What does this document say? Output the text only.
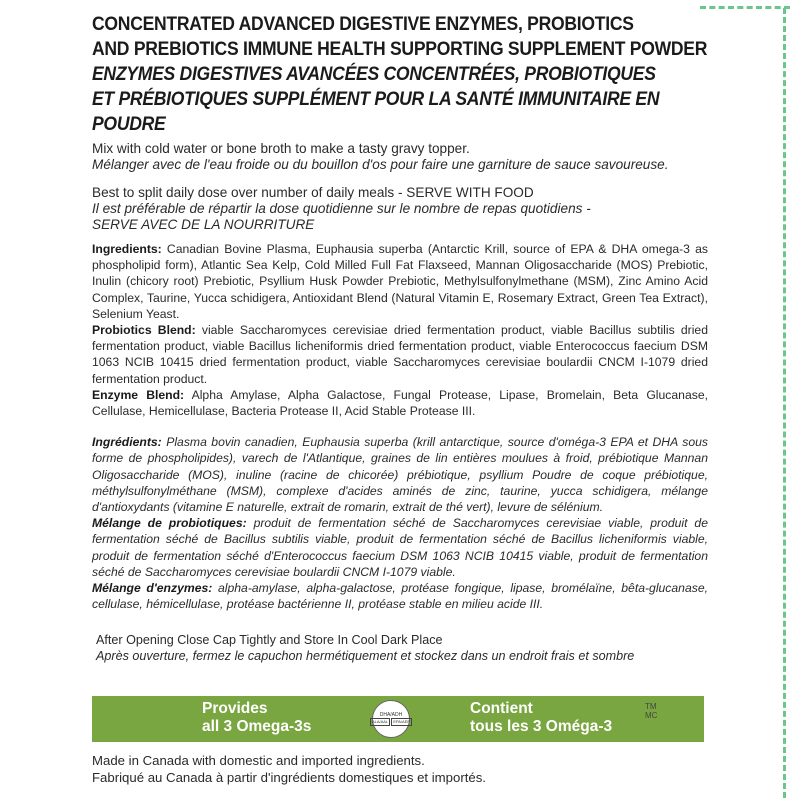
CONCENTRATED ADVANCED DIGESTIVE ENZYMES, PROBIOTICS

AND PREBIOTICS IMMUNE HEALTH SUPPORTING SUPPLEMENT POWDER

ENZYMES DIGESTIVES AVANCÉES CONCENTRÉES, PROBIOTIQUES

ET PRÉBIOTIQUES SUPPLÉMENT POUR LA SANTÉ IMMUNITAIRE EN POUDRE

Mix with cold water or bone broth to make a tasty gravy topper.

Mélanger avec de l'eau froide ou du bouillon d'os pour faire une garniture de sauce savoureuse.

Best to split daily dose over number of daily meals - SERVE WITH FOOD

Il est préférable de répartir la dose quotidienne sur le nombre de repas quotidiens -

SERVE AVEC DE LA NOURRITURE

Ingredients: Canadian Bovine Plasma, Euphausia superba (Antarctic Krill, source of EPA & DHA omega-3 as phospholipid form), Atlantic Sea Kelp, Cold Milled Full Fat Flaxseed, Mannan Oligosaccharide (MOS) Prebiotic, Inulin (chicory root) Prebiotic, Psyllium Husk Powder Prebiotic, Methylsulfonylmethane (MSM), Zinc Amino Acid Complex, Taurine, Yucca schidigera, Antioxidant Blend (Natural Vitamin E, Rosemary Extract, Green Tea Extract), Selenium Yeast.

Probiotics Blend: viable Saccharomyces cerevisiae dried fermentation product, viable Bacillus subtilis dried fermentation product, viable Bacillus licheniformis dried fermentation product, viable Enterococcus faecium DSM 1063 NCIB 10415 dried fermentation product, viable Saccharomyces cerevisiae boulardii CNCM I-1079 dried fermentation product.

Enzyme Blend: Alpha Amylase, Alpha Galactose, Fungal Protease, Lipase, Bromelain, Beta Glucanase, Cellulase, Hemicellulase, Bacteria Protease II, Acid Stable Protease III.

Ingrédients: Plasma bovin canadien, Euphausia superba (krill antarctique, source d'oméga-3 EPA et DHA sous forme de phospholipides), varech de l'Atlantique, graines de lin entières moulues à froid, prébiotique Mannan Oligosaccharide (MOS), inuline (racine de chicorée) prébiotique, psyllium Poudre de coque prébiotique, méthylsulfonylméthane (MSM), complexe d'acides aminés de zinc, taurine, yucca schidigera, mélange d'antioxydants (vitamine E naturelle, extrait de romarin, extrait de thé vert), levure de sélénium.

Mélange de probiotiques: produit de fermentation séché de Saccharomyces cerevisiae viable, produit de fermentation séché de Bacillus subtilis viable, produit de fermentation séché de Bacillus licheniformis viable, produit de fermentation séché d'Enterococcus faecium DSM 1063 NCIB 10415 viable, produit de fermentation séché de Saccharomyces cerevisiae boulardii CNCM I-1079 viable.

Mélange d'enzymes: alpha-amylase, alpha-galactose, protéase fongique, lipase, bromélaïne, bêta-glucanase, cellulase, hémicellulase, protéase bactérienne II, protéase stable en milieu acide III.

After Opening Close Cap Tightly and Store In Cool Dark Place

Après ouverture, fermez le capuchon hermétiquement et stockez dans un endroit frais et sombre

Provides
all 3 Omega-3s
DHA/ADH
ALA/AAL	EPA/AEP
Contient
tous les 3 Oméga-3
TM
MC
Made in Canada with domestic and imported ingredients.
Fabriqué au Canada à partir d'ingrédients domestiques et importés.
